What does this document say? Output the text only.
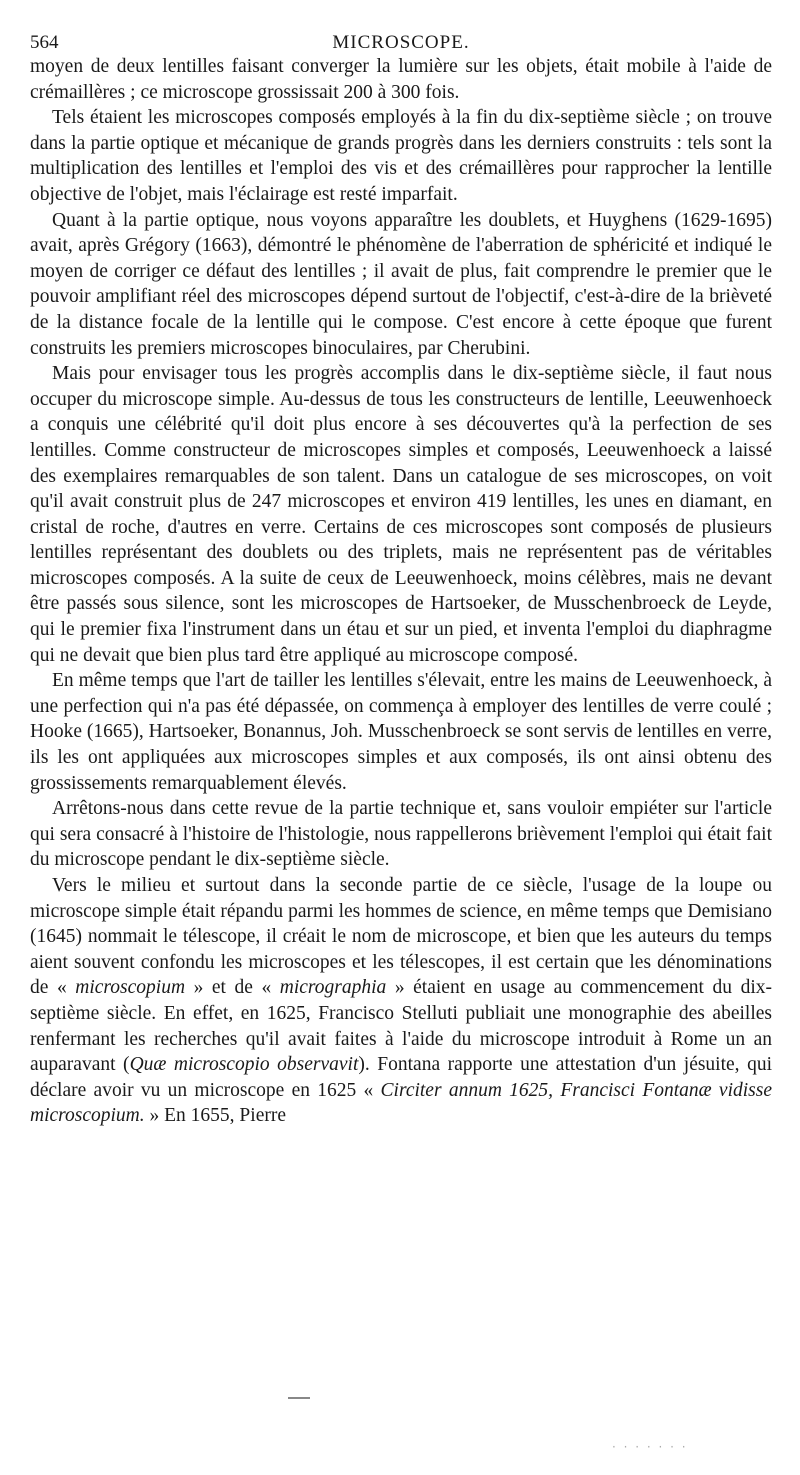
564	MICROSCOPE.

moyen de deux lentilles faisant converger la lumière sur les objets, était mobile à l'aide de crémaillères ; ce microscope grossissait 200 à 300 fois.

Tels étaient les microscopes composés employés à la fin du dix-septième siècle ; on trouve dans la partie optique et mécanique de grands progrès dans les derniers construits : tels sont la multiplication des lentilles et l'emploi des vis et des crémaillères pour rapprocher la lentille objective de l'objet, mais l'éclairage est resté imparfait.

Quant à la partie optique, nous voyons apparaître les doublets, et Huyghens (1629-1695) avait, après Grégory (1663), démontré le phénomène de l'aberration de sphéricité et indiqué le moyen de corriger ce défaut des lentilles ; il avait de plus, fait comprendre le premier que le pouvoir amplifiant réel des microscopes dépend surtout de l'objectif, c'est-à-dire de la brièveté de la distance focale de la lentille qui le compose. C'est encore à cette époque que furent construits les premiers microscopes binoculaires, par Cherubini.

Mais pour envisager tous les progrès accomplis dans le dix-septième siècle, il faut nous occuper du microscope simple. Au-dessus de tous les constructeurs de lentille, Leeuwenhoeck a conquis une célébrité qu'il doit plus encore à ses découvertes qu'à la perfection de ses lentilles. Comme constructeur de microscopes simples et composés, Leeuwenhoeck a laissé des exemplaires remarquables de son talent. Dans un catalogue de ses microscopes, on voit qu'il avait construit plus de 247 microscopes et environ 419 lentilles, les unes en diamant, en cristal de roche, d'autres en verre. Certains de ces microscopes sont composés de plusieurs lentilles représentant des doublets ou des triplets, mais ne représentent pas de véritables microscopes composés. A la suite de ceux de Leeuwenhoeck, moins célèbres, mais ne devant être passés sous silence, sont les microscopes de Hartsoeker, de Musschenbroeck de Leyde, qui le premier fixa l'instrument dans un étau et sur un pied, et inventa l'emploi du diaphragme qui ne devait que bien plus tard être appliqué au microscope composé.

En même temps que l'art de tailler les lentilles s'élevait, entre les mains de Leeuwenhoeck, à une perfection qui n'a pas été dépassée, on commença à employer des lentilles de verre coulé ; Hooke (1665), Hartsoeker, Bonannus, Joh. Musschenbroeck se sont servis de lentilles en verre, ils les ont appliquées aux microscopes simples et aux composés, ils ont ainsi obtenu des grossissements remarquablement élevés.

Arrêtons-nous dans cette revue de la partie technique et, sans vouloir empiéter sur l'article qui sera consacré à l'histoire de l'histologie, nous rappellerons brièvement l'emploi qui était fait du microscope pendant le dix-septième siècle.

Vers le milieu et surtout dans la seconde partie de ce siècle, l'usage de la loupe ou microscope simple était répandu parmi les hommes de science, en même temps que Demisiano (1645) nommait le télescope, il créait le nom de microscope, et bien que les auteurs du temps aient souvent confondu les microscopes et les télescopes, il est certain que les dénominations de « microscopium » et de « micrographia » étaient en usage au commencement du dix-septième siècle. En effet, en 1625, Francisco Stelluti publiait une monographie des abeilles renfermant les recherches qu'il avait faites à l'aide du microscope introduit à Rome un an auparavant (Quæ microscopio observavit). Fontana rapporte une attestation d'un jésuite, qui déclare avoir vu un microscope en 1625 « Circiter annum 1625, Francisci Fontanæ vidisse microscopium. » En 1655, Pierre

· · · · · · ·
